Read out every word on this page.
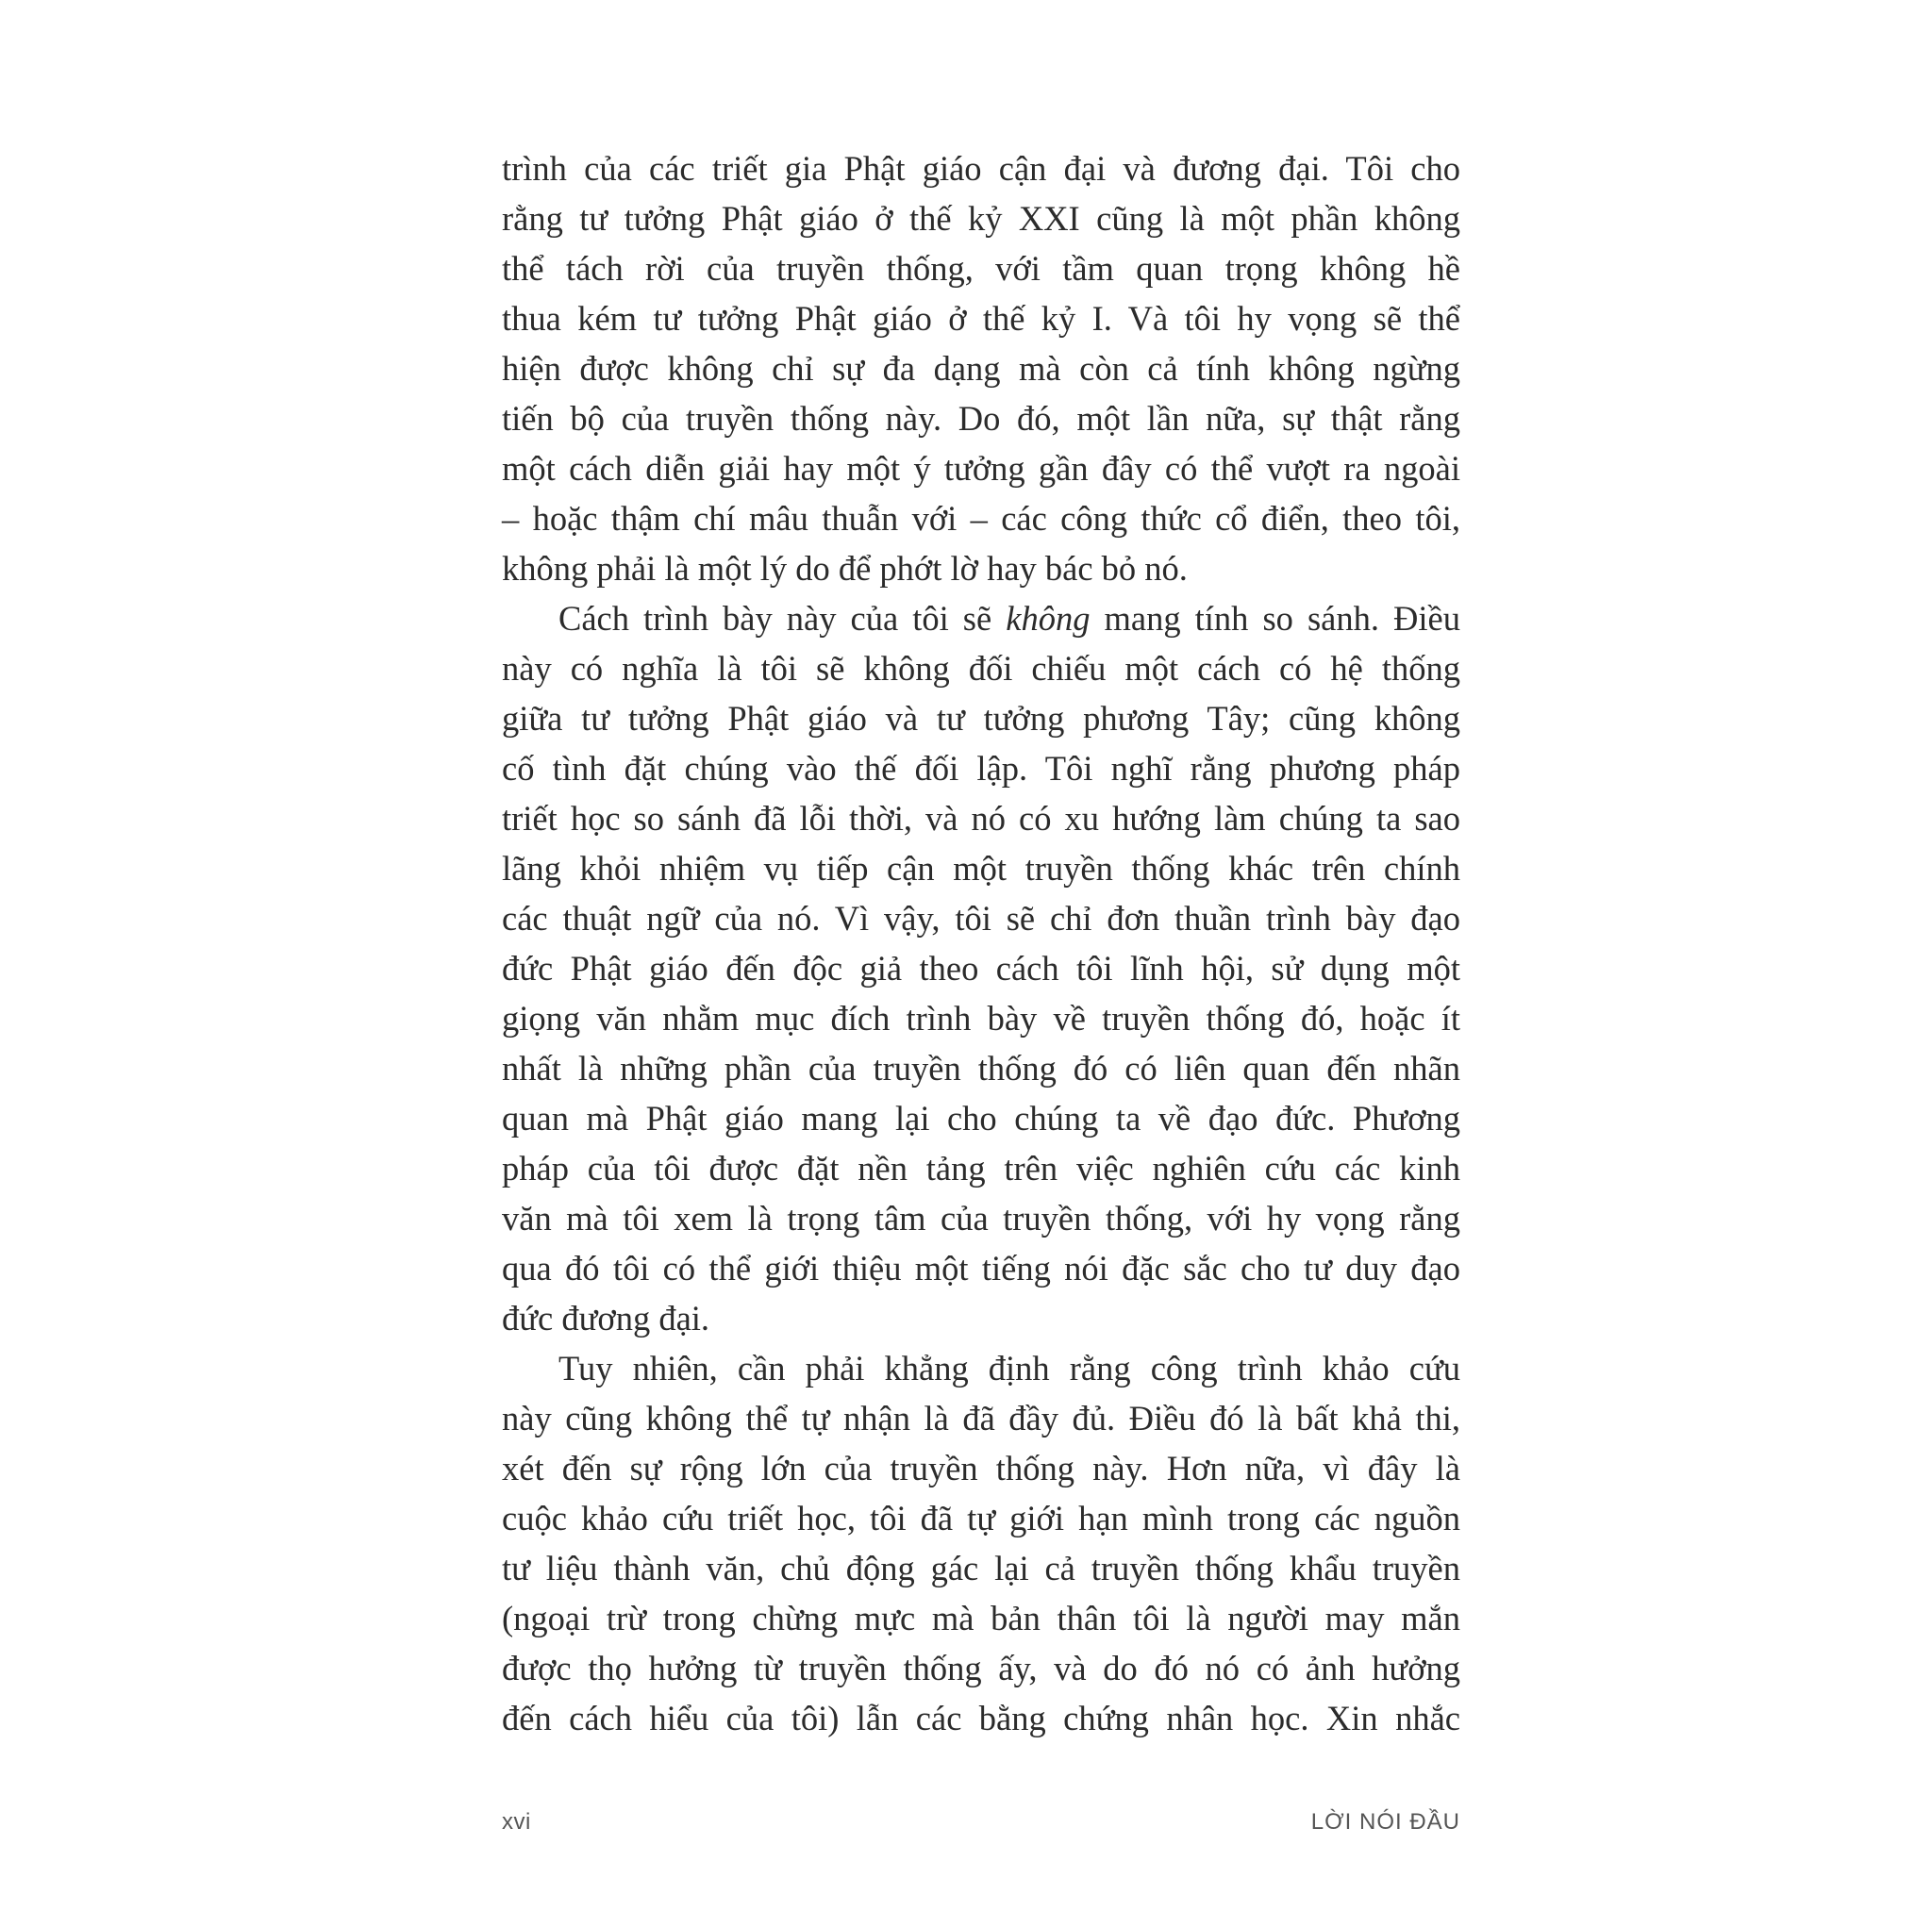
trình của các triết gia Phật giáo cận đại và đương đại. Tôi cho
rằng tư tưởng Phật giáo ở thế kỷ XXI cũng là một phần không
thể tách rời của truyền thống, với tầm quan trọng không hề
thua kém tư tưởng Phật giáo ở thế kỷ I. Và tôi hy vọng sẽ thể
hiện được không chỉ sự đa dạng mà còn cả tính không ngừng
tiến bộ của truyền thống này. Do đó, một lần nữa, sự thật rằng
một cách diễn giải hay một ý tưởng gần đây có thể vượt ra ngoài
– hoặc thậm chí mâu thuẫn với – các công thức cổ điển, theo tôi,
không phải là một lý do để phớt lờ hay bác bỏ nó.
Cách trình bày này của tôi sẽ không mang tính so sánh. Điều
này có nghĩa là tôi sẽ không đối chiếu một cách có hệ thống
giữa tư tưởng Phật giáo và tư tưởng phương Tây; cũng không
cố tình đặt chúng vào thế đối lập. Tôi nghĩ rằng phương pháp
triết học so sánh đã lỗi thời, và nó có xu hướng làm chúng ta sao
lãng khỏi nhiệm vụ tiếp cận một truyền thống khác trên chính
các thuật ngữ của nó. Vì vậy, tôi sẽ chỉ đơn thuần trình bày đạo
đức Phật giáo đến độc giả theo cách tôi lĩnh hội, sử dụng một
giọng văn nhằm mục đích trình bày về truyền thống đó, hoặc ít
nhất là những phần của truyền thống đó có liên quan đến nhãn
quan mà Phật giáo mang lại cho chúng ta về đạo đức. Phương
pháp của tôi được đặt nền tảng trên việc nghiên cứu các kinh
văn mà tôi xem là trọng tâm của truyền thống, với hy vọng rằng
qua đó tôi có thể giới thiệu một tiếng nói đặc sắc cho tư duy đạo
đức đương đại.
Tuy nhiên, cần phải khẳng định rằng công trình khảo cứu
này cũng không thể tự nhận là đã đầy đủ. Điều đó là bất khả thi,
xét đến sự rộng lớn của truyền thống này. Hơn nữa, vì đây là
cuộc khảo cứu triết học, tôi đã tự giới hạn mình trong các nguồn
tư liệu thành văn, chủ động gác lại cả truyền thống khẩu truyền
(ngoại trừ trong chừng mực mà bản thân tôi là người may mắn
được thọ hưởng từ truyền thống ấy, và do đó nó có ảnh hưởng
đến cách hiểu của tôi) lẫn các bằng chứng nhân học. Xin nhắc
xvi	LỜI NÓI ĐẦU
